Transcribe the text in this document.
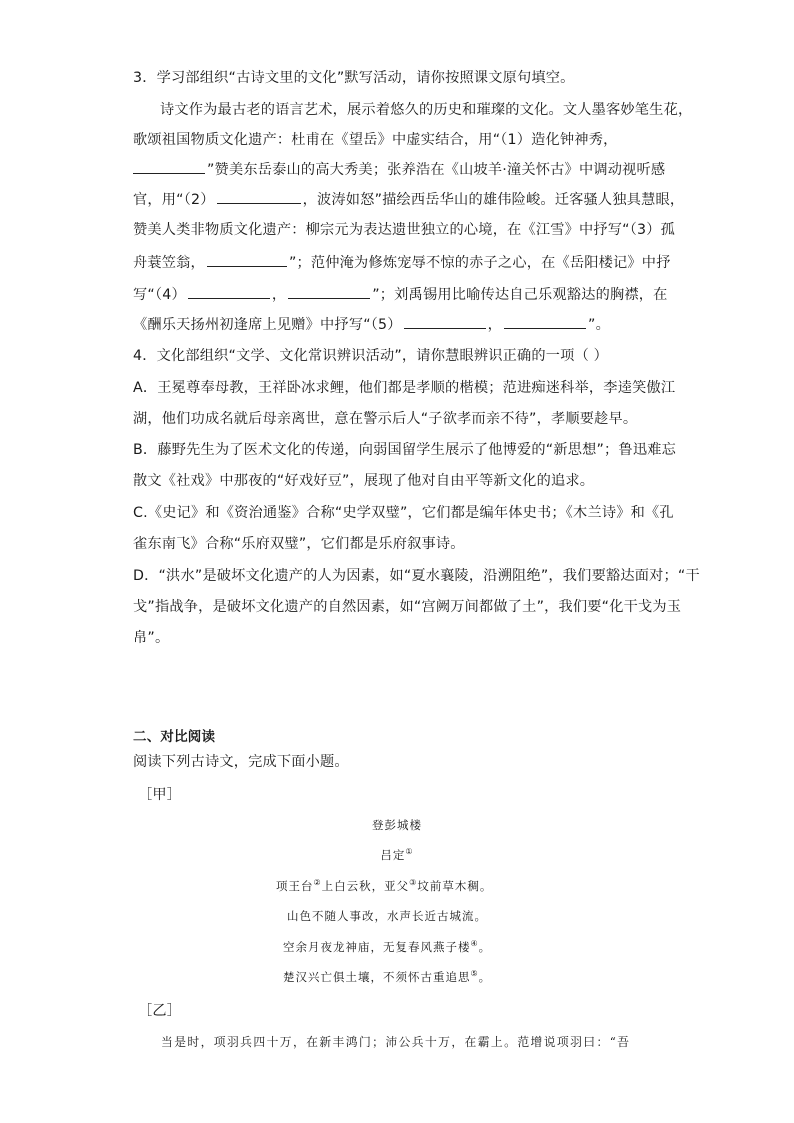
3．学习部组织“古诗文里的文化”默写活动，请你按照课文原句填空。
诗文作为最古老的语言艺术，展示着悠久的历史和璀璨的文化。文人墨客妙笔生花，
歌颂祖国物质文化遗产：杜甫在《望岳》中虚实结合，用“（1）造化钟神秀，
”赞美东岳泰山的高大秀美；张养浩在《山坡羊·潼关怀古》中调动视听感
官，用“（2）	，波涛如怒”描绘西岳华山的雄伟险峻。迁客骚人独具慧眼，
赞美人类非物质文化遗产：柳宗元为表达遗世独立的心境，在《江雪》中抒写“（3）孤
舟蓑笠翁，	”；范仲淹为修炼宠辱不惊的赤子之心，在《岳阳楼记》中抒
写“（4）	，	”；刘禹锡用比喻传达自己乐观豁达的胸襟，在
《酬乐天扬州初逢席上见赠》中抒写“（5）	，	”。
4．文化部组织“文学、文化常识辨识活动”，请你慧眼辨识正确的一项（ ）
A．王冕尊奉母教，王祥卧冰求鲤，他们都是孝顺的楷模；范进痴迷科举，李逵笑傲江
湖，他们功成名就后母亲离世，意在警示后人“子欲孝而亲不待”，孝顺要趁早。
B．藤野先生为了医术文化的传递，向弱国留学生展示了他博爱的“新思想”；鲁迅难忘
散文《社戏》中那夜的“好戏好豆”，展现了他对自由平等新文化的追求。
C.《史记》和《资治通鉴》合称“史学双璧”，它们都是编年体史书；《木兰诗》和《孔
雀东南飞》合称“乐府双璧”，它们都是乐府叙事诗。
D．“洪水”是破坏文化遗产的人为因素，如“夏水襄陵，沿溯阻绝”，我们要豁达面对；“干
戈”指战争，是破坏文化遗产的自然因素，如“宫阙万间都做了土”，我们要“化干戈为玉
帛”。
二、对比阅读
阅读下列古诗文，完成下面小题。
［甲］
登彭城楼
吕定①
项王台②上白云秋，亚父③坟前草木稠。
山色不随人事改，水声长近古城流。
空余月夜龙神庙，无复春风燕子楼④。
楚汉兴亡俱土壤，不须怀古重追思⑤。
［乙］
当是时，项羽兵四十万，在新丰鸿门；沛公兵十万，在霸上。范增说项羽曰：“吾
